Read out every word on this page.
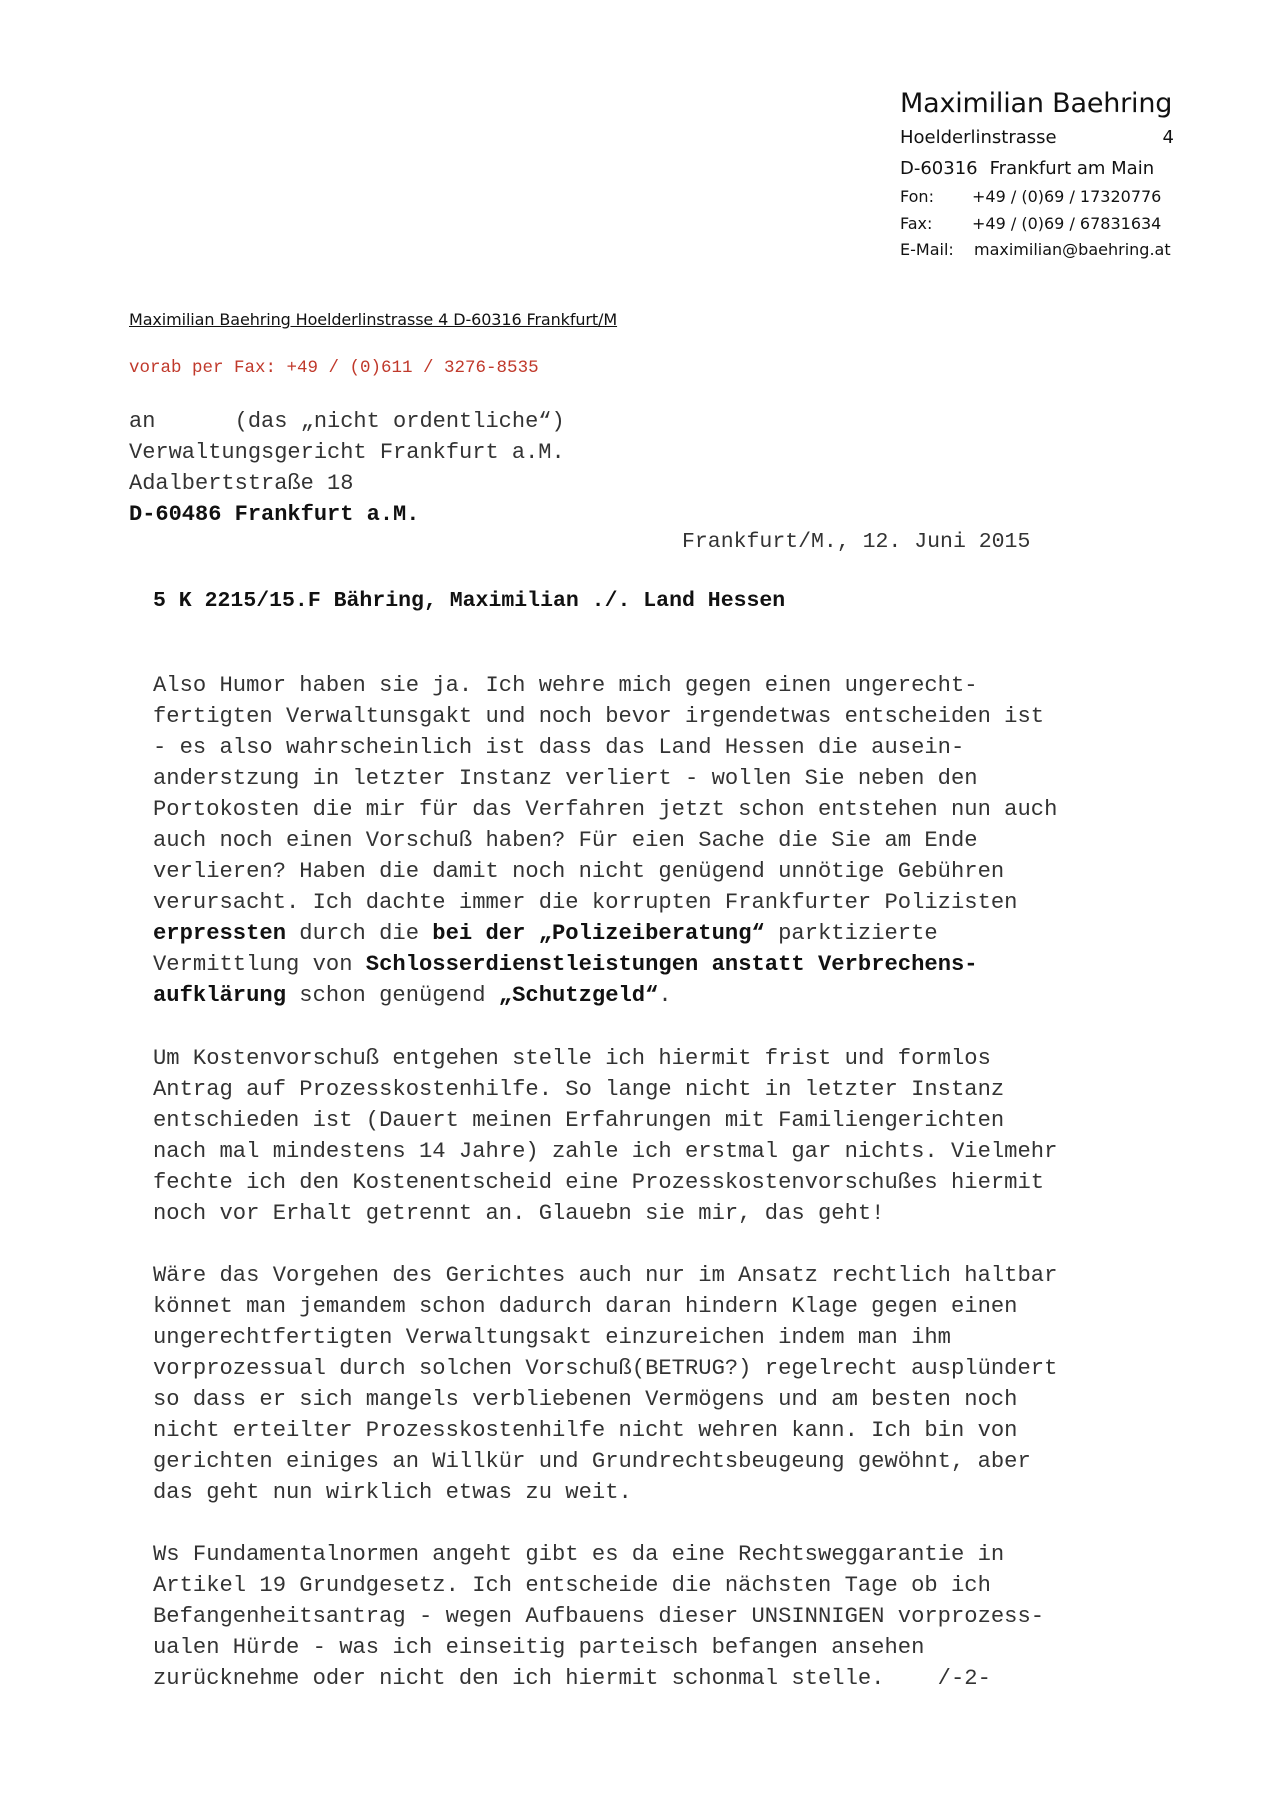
Maximilian Baehring
Hoelderlinstrasse	4
D-60316 Frankfurt am Main
Fon:	+49 / (0)69 / 17320776
Fax:	+49 / (0)69 / 67831634
E-Mail:	maximilian@baehring.at
Maximilian Baehring Hoelderlinstrasse 4 D-60316 Frankfurt/M
vorab per Fax: +49 / (0)611 / 3276-8535
an      (das „nicht ordentliche“)
Verwaltungsgericht Frankfurt a.M.
Adalbertstraße 18
D-60486 Frankfurt a.M.
Frankfurt/M., 12. Juni 2015
5 K 2215/15.F Bähring, Maximilian ./. Land Hessen
Also Humor haben sie ja. Ich wehre mich gegen einen ungerecht-
fertigten Verwaltunsgakt und noch bevor irgendetwas entscheiden ist
- es also wahrscheinlich ist dass das Land Hessen die ausein-
anderstzung in letzter Instanz verliert - wollen Sie neben den
Portokosten die mir für das Verfahren jetzt schon entstehen nun auch
auch noch einen Vorschuß haben? Für eien Sache die Sie am Ende
verlieren? Haben die damit noch nicht genügend unnötige Gebühren
verursacht. Ich dachte immer die korrupten Frankfurter Polizisten
erpressten durch die bei der „Polizeiberatung“ parktizierte
Vermittlung von Schlosserdienstleistungen anstatt Verbrechens-
aufklärung schon genügend „Schutzgeld“.
Um Kostenvorschuß entgehen stelle ich hiermit frist und formlos
Antrag auf Prozesskostenhilfe. So lange nicht in letzter Instanz
entschieden ist (Dauert meinen Erfahrungen mit Familiengerichten
nach mal mindestens 14 Jahre) zahle ich erstmal gar nichts. Vielmehr
fechte ich den Kostenentscheid eine Prozesskostenvorschußes hiermit
noch vor Erhalt getrennt an. Glauebn sie mir, das geht!
Wäre das Vorgehen des Gerichtes auch nur im Ansatz rechtlich haltbar
könnet man jemandem schon dadurch daran hindern Klage gegen einen
ungerechtfertigten Verwaltungsakt einzureichen indem man ihm
vorprozessual durch solchen Vorschuß(BETRUG?) regelrecht ausplündert
so dass er sich mangels verbliebenen Vermögens und am besten noch
nicht erteilter Prozesskostenhilfe nicht wehren kann. Ich bin von
gerichten einiges an Willkür und Grundrechtsbeugeung gewöhnt, aber
das geht nun wirklich etwas zu weit.
Ws Fundamentalnormen angeht gibt es da eine Rechtsweggarantie in
Artikel 19 Grundgesetz. Ich entscheide die nächsten Tage ob ich
Befangenheitsantrag - wegen Aufbauens dieser UNSINNIGEN vorprozess-
ualen Hürde - was ich einseitig parteisch befangen ansehen
zurücknehme oder nicht den ich hiermit schonmal stelle.    /-2-
